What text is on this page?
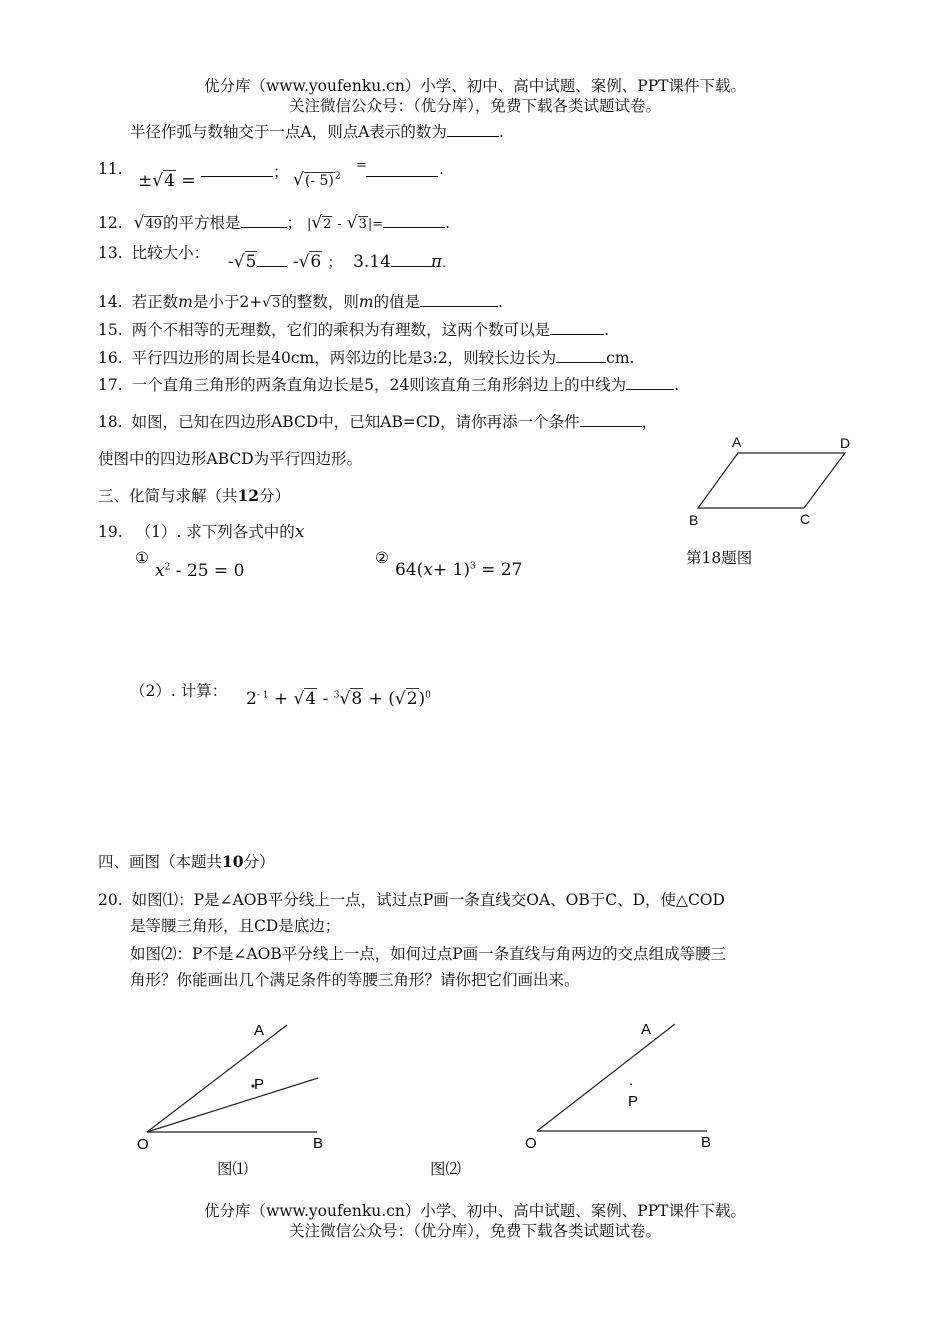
优分库（www.youfenku.cn）小学、初中、高中试题、案例、PPT课件下载。
关注微信公众号：（优分库），免费下载各类试题试卷。
半径作弧与数轴交于一点A，则点A表示的数为	.
11.
±√4 =	； √(- 5)$^2$
=	.
12. √49的平方根是	； |√2 - √3|=	.
13. 比较大小： -√5 -√6 ； 3.14 π.
14. 若正数m是小于2+√3的整数，则m的值是	.
15. 两个不相等的无理数，它们的乘积为有理数，这两个数可以是	.
16. 平行四边形的周长是40cm，两邻边的比是3:2，则较长边长为	cm.
17. 一个直角三角形的两条直角边长是5，24则该直角三角形斜边上的中线为	.
18. 如图，已知在四边形ABCD中，已知AB=CD，请你再添一个条件	，
使图中的四边形ABCD为平行四边形。
A	D
B	C
第18题图
三、化简与求解（共12分）
19. （1）. 求下列各式中的x
①
$x^2 - 25 = 0$
②
$64(x+ 1)^3 = 27$
（2）. 计算： $2^{- 1} + √4 - ^3√8 + (√2)^0$
四、画图（本题共10分）
20. 如图⑴：P是∠AOB平分线上一点，试过点P画一条直线交OA、OB于C、D，使△COD
是等腰三角形，且CD是底边；
如图⑵：P不是∠AOB平分线上一点，如何过点P画一条直线与角两边的交点组成等腰三
角形？你能画出几个满足条件的等腰三角形？请你把它们画出来。
A
P
O	B
图⑴
.
P
A
O	B
图⑵
优分库（www.youfenku.cn）小学、初中、高中试题、案例、PPT课件下载。
关注微信公众号：（优分库），免费下载各类试题试卷。
